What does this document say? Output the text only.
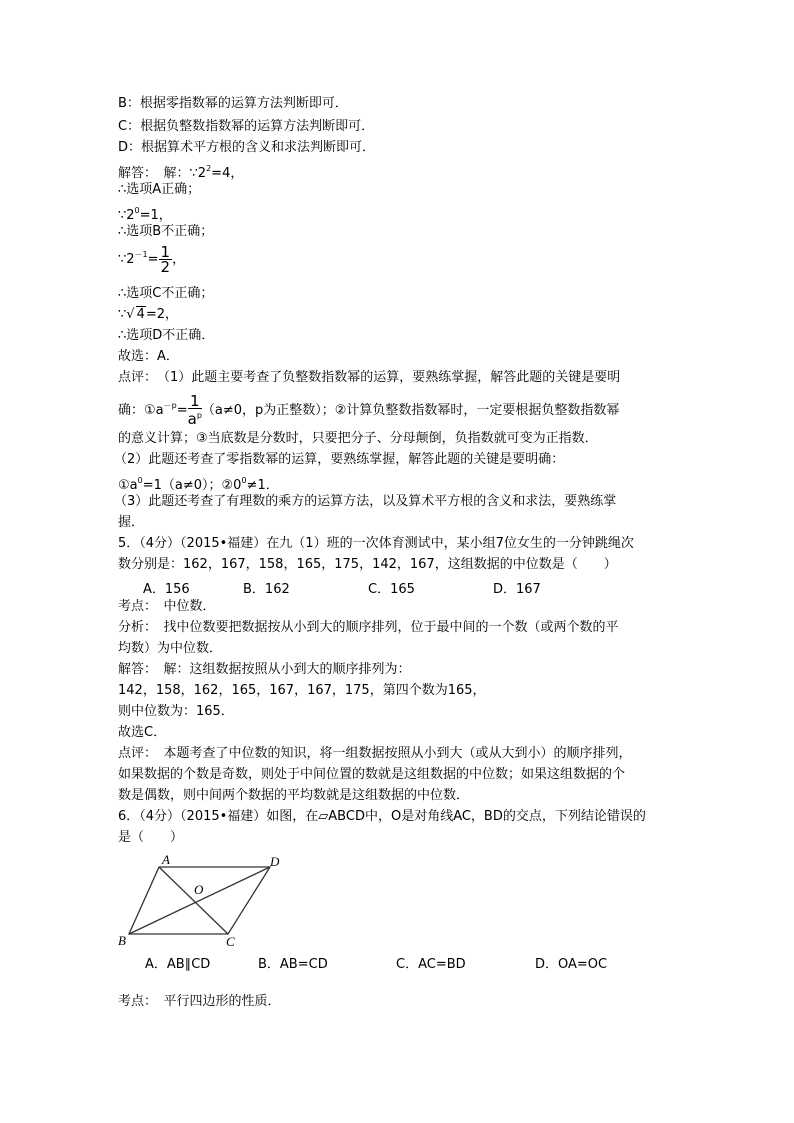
B：根据零指数幂的运算方法判断即可．
C：根据负整数指数幂的运算方法判断即可．
D：根据算术平方根的含义和求法判断即可．
解答：　 解：$\because 2^2=4$，
∴选项A正确；
$\because 2^0=1$，
∴选项B不正确；
$\because 2^{-1}= \frac{1}{2}$ ，
∴选项C不正确；
∵√ 4=2，
∴选项D不正确．
故选：A．
点评：　 （1）此题主要考查了负整数指数幂的运算，要熟练掌握，解答此题的关键是要明
确：$①a^{-p}= \frac{1}{a^p} (a\ne 0$，p为正整数）；②计算负整数指数幂时，一定要根据负整数指数幂
的意义计算；③当底数是分数时，只要把分子、分母颠倒，负指数就可变为正指数．
（2）此题还考查了零指数幂的运算，要熟练掌握，解答此题的关键是要明确：
$①a^0=1(a\ne 0)$；$②0^0\ne 1$．
（3）此题还考查了有理数的乘方的运算方法，以及算术平方根的含义和求法，要熟练掌
握．
5．（4分）（2015•福建）在九（1）班的一次体育测试中，某小组7位女生的一分钟跳绳次
数分别是：162，167，158，165，175，142，167，这组数据的中位数是（　　）
A．156	B．162	C．165	D．167
考点：　中位数．
分析：　找中位数要把数据按从小到大的顺序排列，位于最中间的一个数（或两个数的平
均数）为中位数．
解答：　解：这组数据按照从小到大的顺序排列为：
142，158，162，165，167，167，175，第四个数为165，
则中位数为：165．
故选C．
点评：　本题考查了中位数的知识，将一组数据按照从小到大（或从大到小）的顺序排列，
如果数据的个数是奇数，则处于中间位置的数就是这组数据的中位数；如果这组数据的个
数是偶数，则中间两个数据的平均数就是这组数据的中位数．
6．（4分）（2015•福建）如图，在▱ABCD中，O是对角线AC，BD的交点，下列结论错误的
是（　　）
A	D
O
B	C
A．AB∥CD	B．AB=CD	C．AC=BD	D．OA=OC
考点：　平行四边形的性质．
